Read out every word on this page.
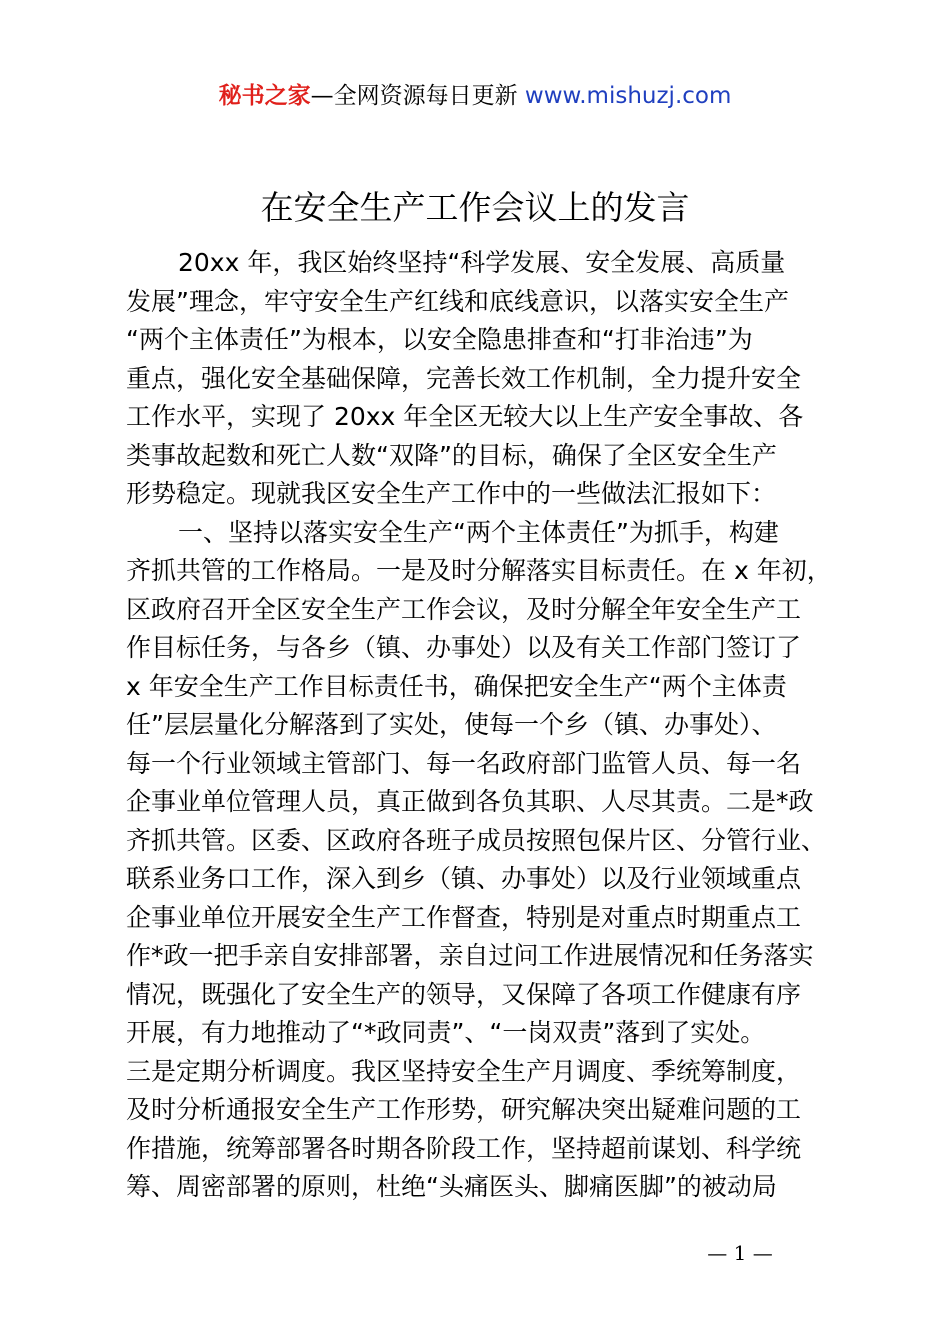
秘书之家—全网资源每日更新 www.mishuzj.com
在安全生产工作会议上的发言
20xx 年，我区始终坚持“科学发展、安全发展、高质量
发展”理念，牢守安全生产红线和底线意识，以落实安全生产
“两个主体责任”为根本，以安全隐患排查和“打非治违”为
重点，强化安全基础保障，完善长效工作机制，全力提升安全
工作水平，实现了 20xx 年全区无较大以上生产安全事故、各
类事故起数和死亡人数“双降”的目标，确保了全区安全生产
形势稳定。现就我区安全生产工作中的一些做法汇报如下：
一、坚持以落实安全生产“两个主体责任”为抓手，构建
齐抓共管的工作格局。一是及时分解落实目标责任。在 x 年初，
区政府召开全区安全生产工作会议，及时分解全年安全生产工
作目标任务，与各乡（镇、办事处）以及有关工作部门签订了
x 年安全生产工作目标责任书，确保把安全生产“两个主体责
任”层层量化分解落到了实处，使每一个乡（镇、办事处）、
每一个行业领域主管部门、每一名政府部门监管人员、每一名
企事业单位管理人员，真正做到各负其职、人尽其责。二是*政
齐抓共管。区委、区政府各班子成员按照包保片区、分管行业、
联系业务口工作，深入到乡（镇、办事处）以及行业领域重点
企事业单位开展安全生产工作督查，特别是对重点时期重点工
作*政一把手亲自安排部署，亲自过问工作进展情况和任务落实
情况，既强化了安全生产的领导，又保障了各项工作健康有序
开展，有力地推动了“*政同责”、“一岗双责”落到了实处。
三是定期分析调度。我区坚持安全生产月调度、季统筹制度，
及时分析通报安全生产工作形势，研究解决突出疑难问题的工
作措施，统筹部署各时期各阶段工作，坚持超前谋划、科学统
筹、周密部署的原则，杜绝“头痛医头、脚痛医脚”的被动局
— 1 —
